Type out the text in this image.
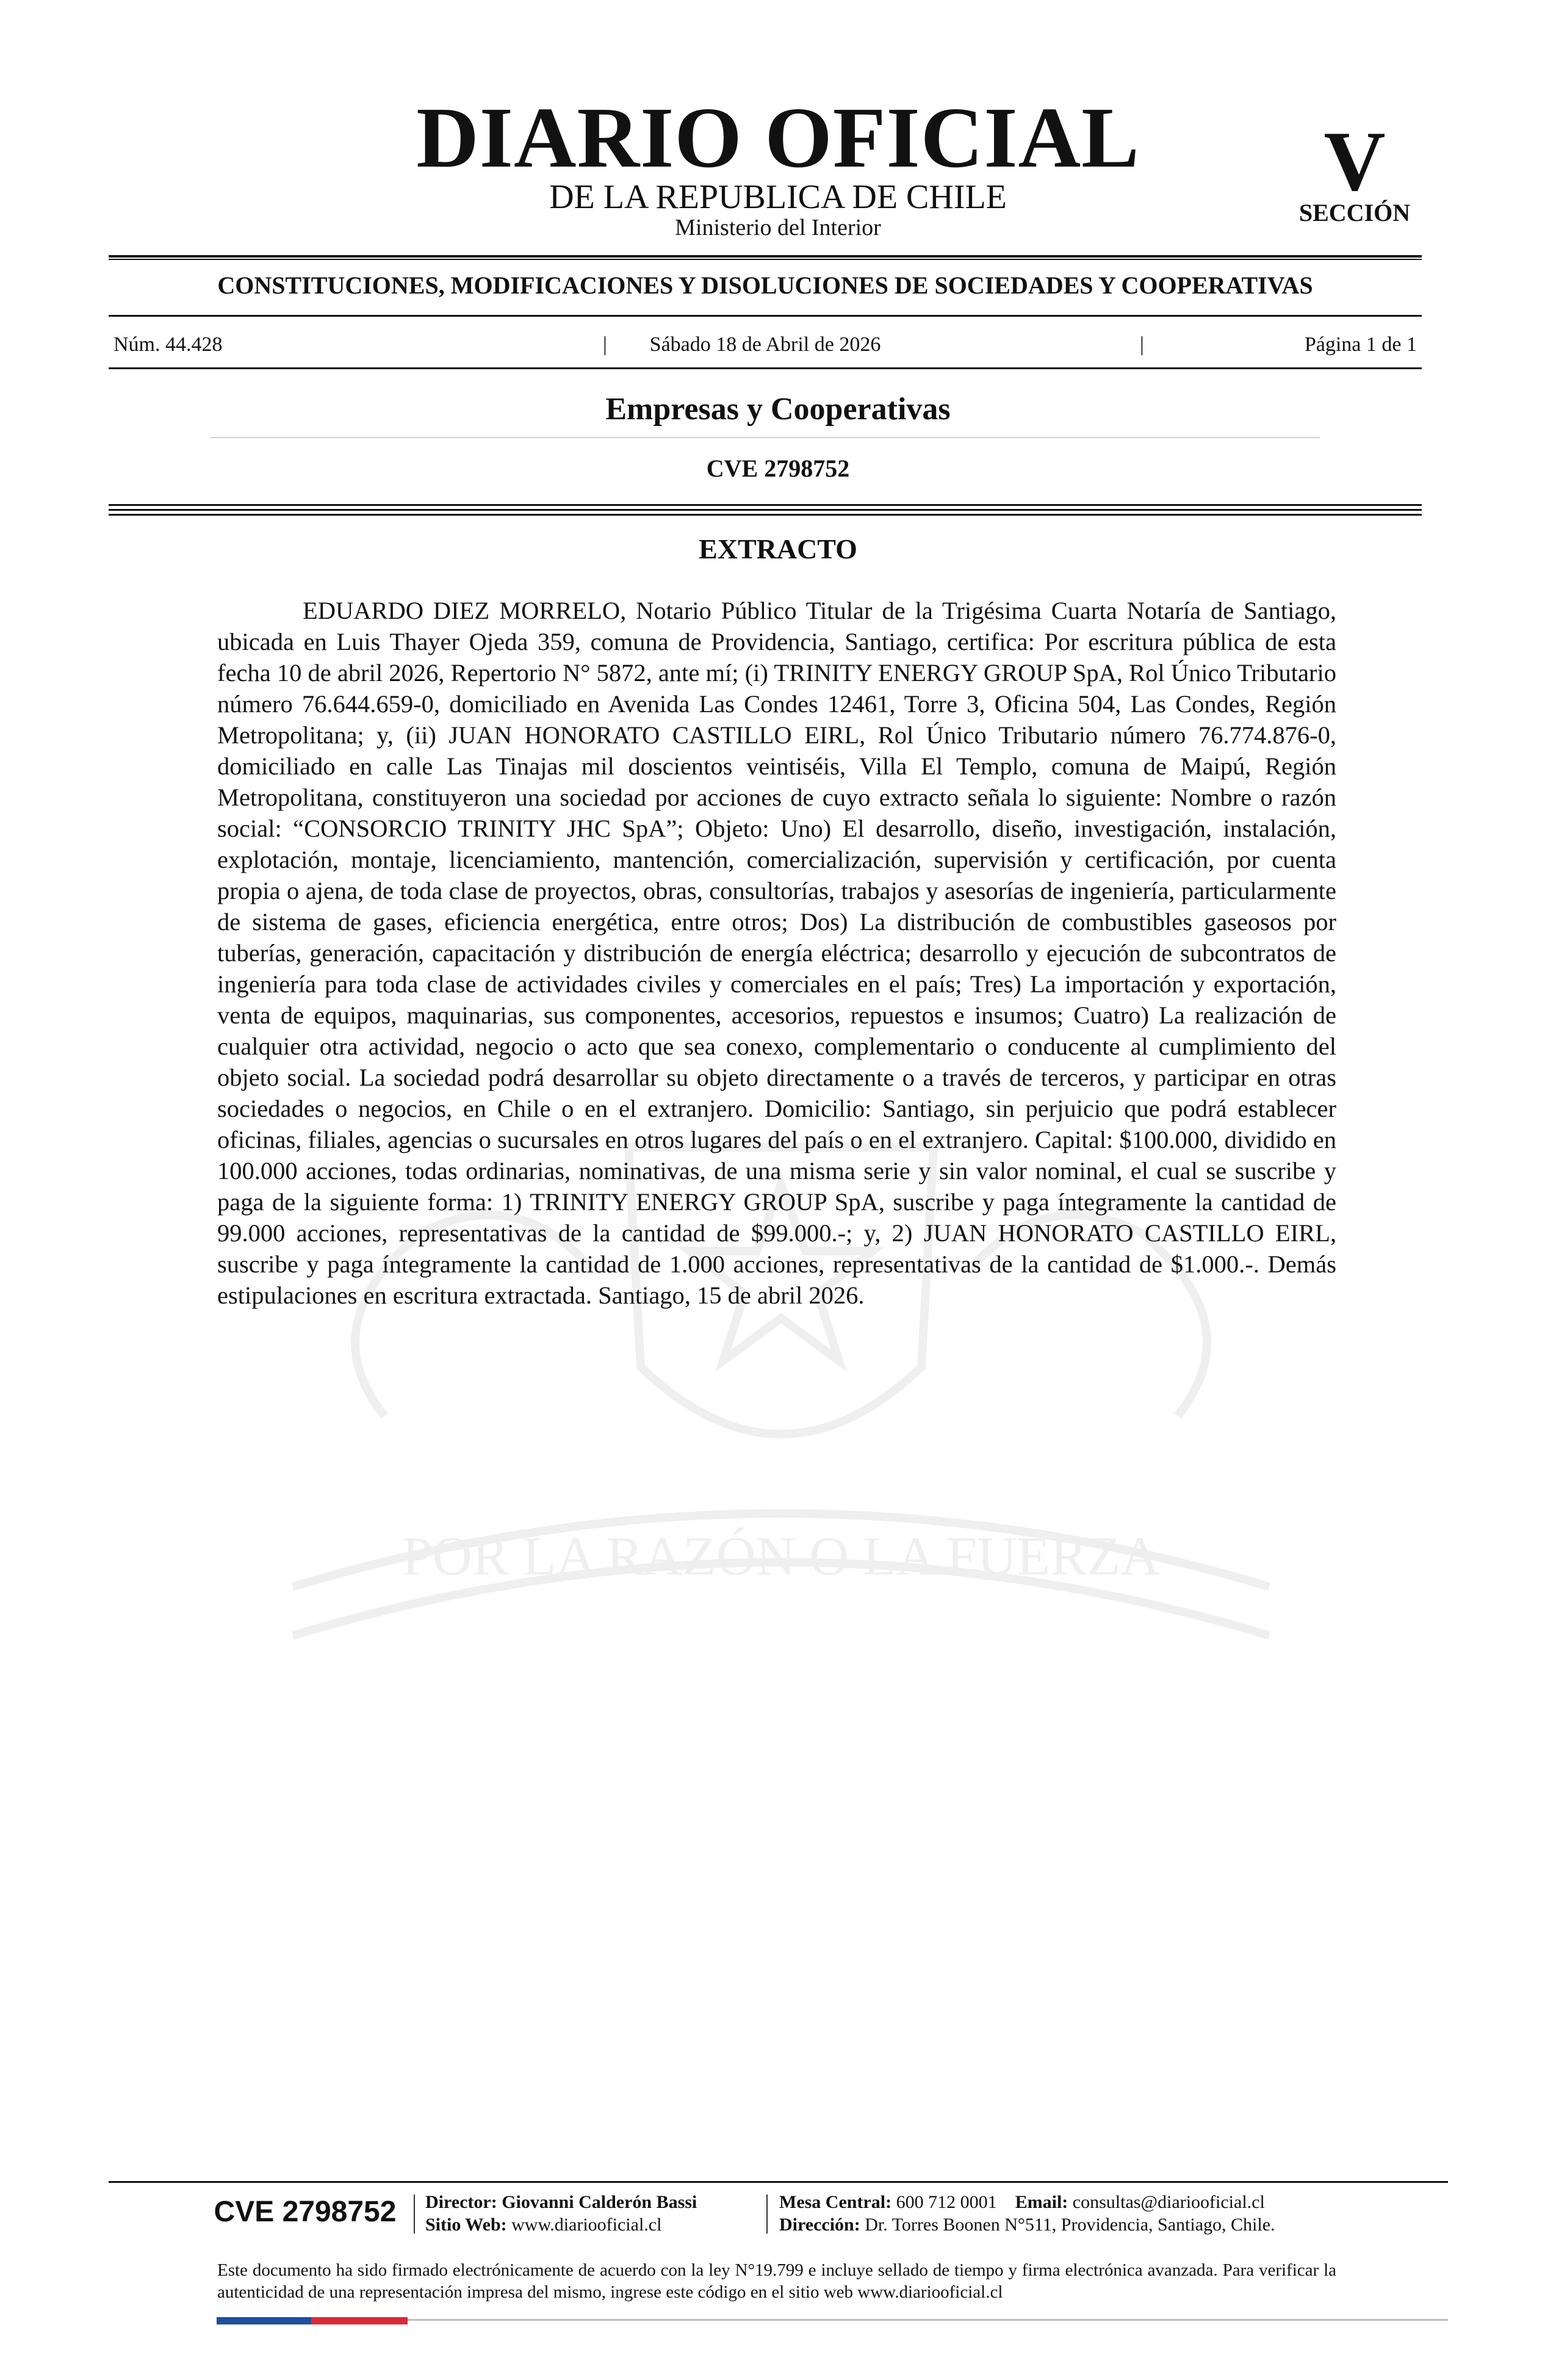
DIARIO OFICIAL
DE LA REPUBLICA DE CHILE
Ministerio del Interior
V
SECCIÓN
CONSTITUCIONES, MODIFICACIONES Y DISOLUCIONES DE SOCIEDADES Y COOPERATIVAS
Núm. 44.428	|	Sábado 18 de Abril de 2026	|	Página 1 de 1
Empresas y Cooperativas
CVE 2798752
POR LA RAZÓN O LA FUERZA
EXTRACTO
EDUARDO DIEZ MORRELO, Notario Público Titular de la Trigésima Cuarta Notaría de Santiago, ubicada en Luis Thayer Ojeda 359, comuna de Providencia, Santiago, certifica: Por escritura pública de esta fecha 10 de abril 2026, Repertorio N° 5872, ante mí; (i) TRINITY ENERGY GROUP SpA, Rol Único Tributario número 76.644.659-0, domiciliado en Avenida Las Condes 12461, Torre 3, Oficina 504, Las Condes, Región Metropolitana; y, (ii) JUAN HONORATO CASTILLO EIRL, Rol Único Tributario número 76.774.876-0, domiciliado en calle Las Tinajas mil doscientos veintiséis, Villa El Templo, comuna de Maipú, Región Metropolitana, constituyeron una sociedad por acciones de cuyo extracto señala lo siguiente: Nombre o razón social: “CONSORCIO TRINITY JHC SpA”; Objeto: Uno) El desarrollo, diseño, investigación, instalación, explotación, montaje, licenciamiento, mantención, comercialización, supervisión y certificación, por cuenta propia o ajena, de toda clase de proyectos, obras, consultorías, trabajos y asesorías de ingeniería, particularmente de sistema de gases, eficiencia energética, entre otros; Dos) La distribución de combustibles gaseosos por tuberías, generación, capacitación y distribución de energía eléctrica; desarrollo y ejecución de subcontratos de ingeniería para toda clase de actividades civiles y comerciales en el país; Tres) La importación y exportación, venta de equipos, maquinarias, sus componentes, accesorios, repuestos e insumos; Cuatro) La realización de cualquier otra actividad, negocio o acto que sea conexo, complementario o conducente al cumplimiento del objeto social. La sociedad podrá desarrollar su objeto directamente o a través de terceros, y participar en otras sociedades o negocios, en Chile o en el extranjero. Domicilio: Santiago, sin perjuicio que podrá establecer oficinas, filiales, agencias o sucursales en otros lugares del país o en el extranjero. Capital: $100.000, dividido en 100.000 acciones, todas ordinarias, nominativas, de una misma serie y sin valor nominal, el cual se suscribe y paga de la siguiente forma: 1) TRINITY ENERGY GROUP SpA, suscribe y paga íntegramente la cantidad de 99.000 acciones, representativas de la cantidad de $99.000.-; y, 2) JUAN HONORATO CASTILLO EIRL, suscribe y paga íntegramente la cantidad de 1.000 acciones, representativas de la cantidad de $1.000.-. Demás estipulaciones en escritura extractada. Santiago, 15 de abril 2026.
CVE 2798752	Director: Giovanni Calderón Bassi
Sitio Web: www.diariooficial.cl
Mesa Central: 600 712 0001 Email: consultas@diariooficial.cl
Dirección: Dr. Torres Boonen N°511, Providencia, Santiago, Chile.
Este documento ha sido firmado electrónicamente de acuerdo con la ley N°19.799 e incluye sellado de tiempo y firma electrónica avanzada. Para verificar la autenticidad de una representación impresa del mismo, ingrese este código en el sitio web www.diariooficial.cl
